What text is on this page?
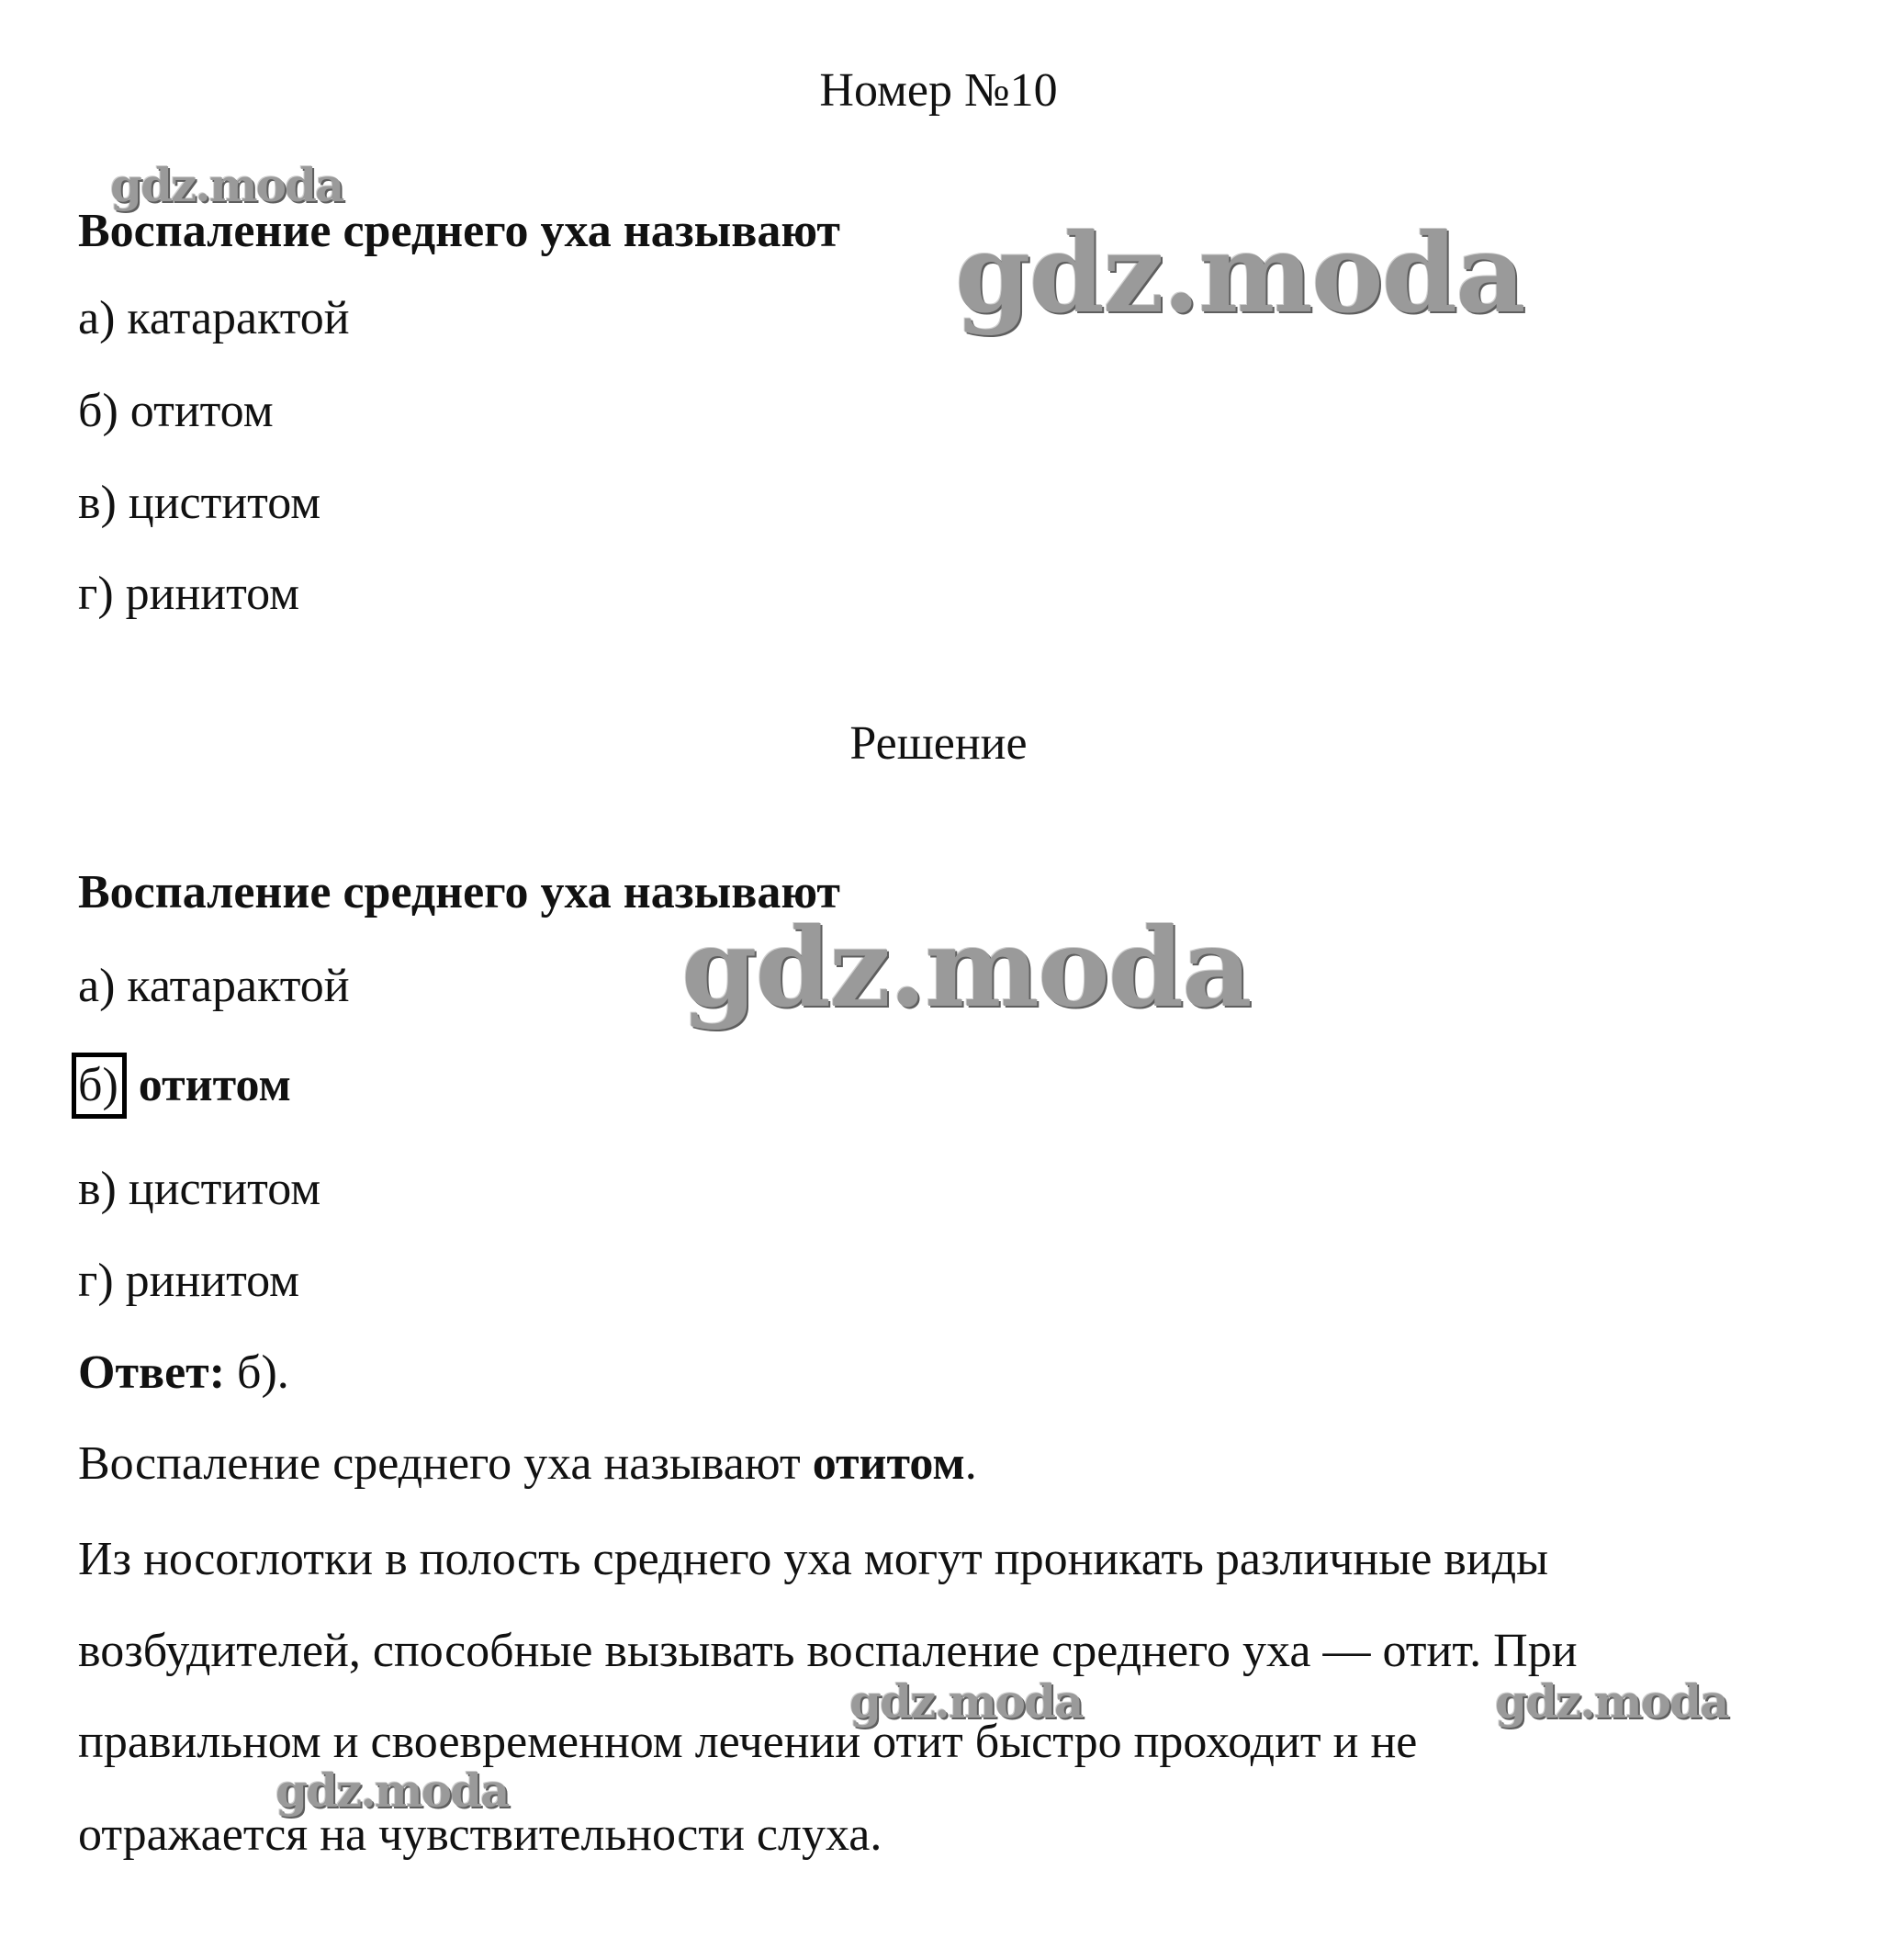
Номер №10
gdz.moda
gdz.moda
gdz.moda
gdz.moda	gdz.moda
gdz.moda
Воспаление среднего уха называют
а) катарактой
б) отитом
в) циститом
г) ринитом
Решение
Воспаление среднего уха называют
а) катарактой
б) отитом
в) циститом
г) ринитом
Ответ: б).
Воспаление среднего уха называют отитом.
Из носоглотки в полость среднего уха могут проникать различные виды
возбудителей, способные вызывать воспаление среднего уха — отит. При
правильном и своевременном лечении отит быстро проходит и не
отражается на чувствительности слуха.
